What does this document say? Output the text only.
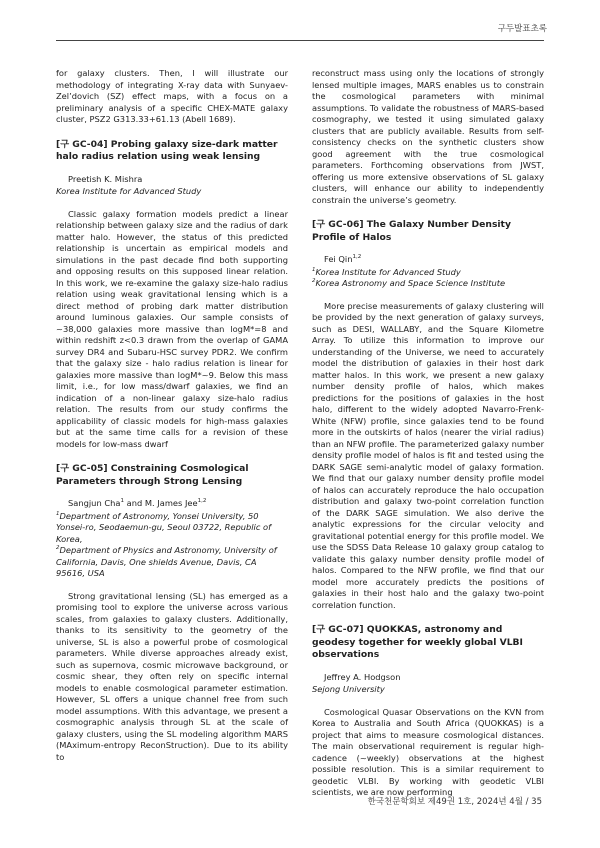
구두발표초록

for galaxy clusters. Then, I will illustrate our methodology of integrating X-ray data with Sunyaev-Zel’dovich (SZ) effect maps, with a focus on a preliminary analysis of a specific CHEX-MATE galaxy cluster, PSZ2 G313.33+61.13 (Abell 1689).

[구 GC-04] Probing galaxy size-dark matter halo radius relation using weak lensing

Preetish K. Mishra

Korea Institute for Advanced Study

Classic galaxy formation models predict a linear relationship between galaxy size and the radius of dark matter halo. However, the status of this predicted relationship is uncertain as empirical models and simulations in the past decade find both supporting and opposing results on this supposed linear relation. In this work, we re-examine the galaxy size-halo radius relation using weak gravitational lensing which is a direct method of probing dark matter distribution around luminous galaxies. Our sample consists of ~38,000 galaxies more massive than logM*=8 and within redshift z<0.3 drawn from the overlap of GAMA survey DR4 and Subaru-HSC survey PDR2. We confirm that the galaxy size - halo radius relation is linear for galaxies more massive than logM*~9. Below this mass limit, i.e., for low mass/dwarf galaxies, we find an indication of a non-linear galaxy size-halo radius relation. The results from our study confirms the applicability of classic models for high-mass galaxies but at the same time calls for a revision of these models for low-mass dwarf

[구 GC-05] Constraining Cosmological Parameters through Strong Lensing

Sangjun Cha$^1$ and M. James Jee$^{1,2}$

$^1$Department of Astronomy, Yonsei University, 50 Yonsei-ro, Seodaemun-gu, Seoul 03722, Republic of Korea,

$^2$Department of Physics and Astronomy, University of California, Davis, One shields Avenue, Davis, CA 95616, USA

Strong gravitational lensing (SL) has emerged as a promising tool to explore the universe across various scales, from galaxies to galaxy clusters. Additionally, thanks to its sensitivity to the geometry of the universe, SL is also a powerful probe of cosmological parameters. While diverse approaches already exist, such as supernova, cosmic microwave background, or cosmic shear, they often rely on specific internal models to enable cosmological parameter estimation. However, SL offers a unique channel free from such model assumptions. With this advantage, we present a cosmographic analysis through SL at the scale of galaxy clusters, using the SL modeling algorithm MARS (MAximum-entropy ReconStruction). Due to its ability to

reconstruct mass using only the locations of strongly lensed multiple images, MARS enables us to constrain the cosmological parameters with minimal assumptions. To validate the robustness of MARS-based cosmography, we tested it using simulated galaxy clusters that are publicly available. Results from self-consistency checks on the synthetic clusters show good agreement with the true cosmological parameters. Forthcoming observations from JWST, offering us more extensive observations of SL galaxy clusters, will enhance our ability to independently constrain the universe’s geometry.

[구 GC-06] The Galaxy Number Density Profile of Halos

Fei Qin$^{1,2}$

$^1$Korea Institute for Advanced Study

$^2$Korea Astronomy and Space Science Institute

More precise measurements of galaxy clustering will be provided by the next generation of galaxy surveys, such as DESI, WALLABY, and the Square Kilometre Array. To utilize this information to improve our understanding of the Universe, we need to accurately model the distribution of galaxies in their host dark matter halos. In this work, we present a new galaxy number density profile of halos, which makes predictions for the positions of galaxies in the host halo, different to the widely adopted Navarro-Frenk-White (NFW) profile, since galaxies tend to be found more in the outskirts of halos (nearer the virial radius) than an NFW profile. The parameterized galaxy number density profile model of halos is fit and tested using the DARK SAGE semi-analytic model of galaxy formation. We find that our galaxy number density profile model of halos can accurately reproduce the halo occupation distribution and galaxy two-point correlation function of the DARK SAGE simulation. We also derive the analytic expressions for the circular velocity and gravitational potential energy for this profile model. We use the SDSS Data Release 10 galaxy group catalog to validate this galaxy number density profile model of halos. Compared to the NFW profile, we find that our model more accurately predicts the positions of galaxies in their host halo and the galaxy two-point correlation function.

[구 GC-07] QUOKKAS, astronomy and geodesy together for weekly global VLBI observations

Jeffrey A. Hodgson

Sejong University

Cosmological Quasar Observations on the KVN from Korea to Australia and South Africa (QUOKKAS) is a project that aims to measure cosmological distances. The main observational requirement is regular high-cadence (~weekly) observations at the highest possible resolution. This is a similar requirement to geodetic VLBI. By working with geodetic VLBI scientists, we are now performing

한국천문학회보 제49권 1호, 2024년 4월 / 35
